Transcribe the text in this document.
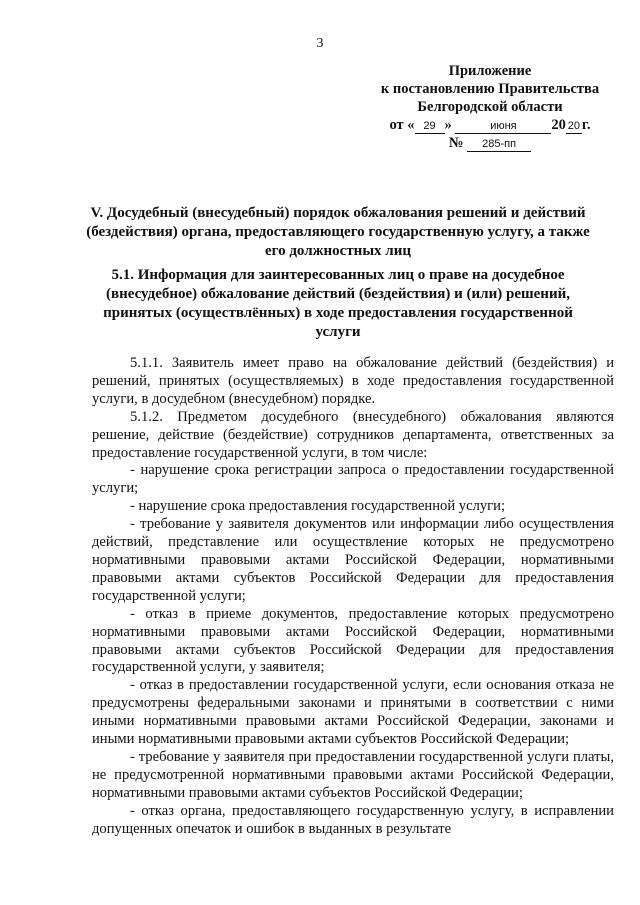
3
Приложение
к постановлению Правительства
Белгородской области
от « 29 »	июня 20 20 г.
№ 285-пп
V. Досудебный (внесудебный) порядок обжалования решений и действий (бездействия) органа, предоставляющего государственную услугу, а также его должностных лиц
5.1. Информация для заинтересованных лиц о праве на досудебное (внесудебное) обжалование действий (бездействия) и (или) решений, принятых (осуществлённых) в ходе предоставления государственной услуги

5.1.1. Заявитель имеет право на обжалование действий (бездействия) и решений, принятых (осуществляемых) в ходе предоставления государственной услуги, в досудебном (внесудебном) порядке.

5.1.2. Предметом досудебного (внесудебного) обжалования являются решение, действие (бездействие) сотрудников департамента, ответственных за предоставление государственной услуги, в том числе:

- нарушение срока регистрации запроса о предоставлении государственной услуги;

- нарушение срока предоставления государственной услуги;

- требование у заявителя документов или информации либо осуществления действий, представление или осуществление которых не предусмотрено нормативными правовыми актами Российской Федерации, нормативными правовыми актами субъектов Российской Федерации для предоставления государственной услуги;

- отказ в приеме документов, предоставление которых предусмотрено нормативными правовыми актами Российской Федерации, нормативными правовыми актами субъектов Российской Федерации для предоставления государственной услуги, у заявителя;

- отказ в предоставлении государственной услуги, если основания отказа не предусмотрены федеральными законами и принятыми в соответствии с ними иными нормативными правовыми актами Российской Федерации, законами и иными нормативными правовыми актами субъектов Российской Федерации;

- требование у заявителя при предоставлении государственной услуги платы, не предусмотренной нормативными правовыми актами Российской Федерации, нормативными правовыми актами субъектов Российской Федерации;

- отказ органа, предоставляющего государственную услугу, в исправлении допущенных опечаток и ошибок в выданных в результате
